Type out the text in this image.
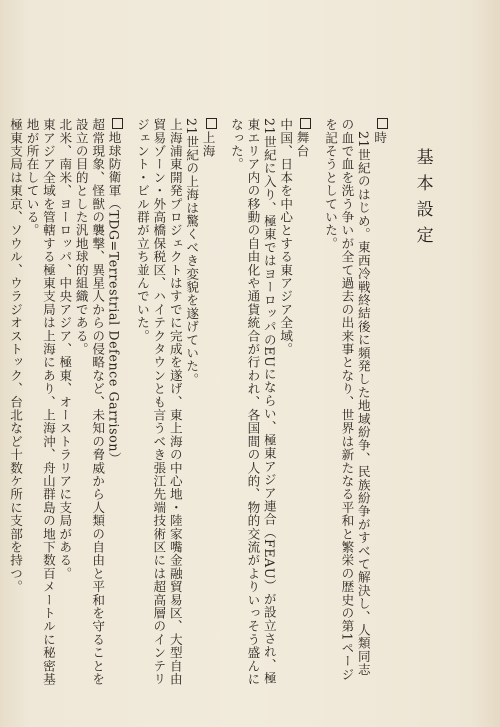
基本設定
時
21世紀のはじめ。東西冷戦終結後に頻発した地域紛争、民族紛争がすべて解決し、人類同志の血で血を洗う争いが全て過去の出来事となり、世界は新たなる平和と繁栄の歴史の第1ページを記そうとしていた。
舞台
中国、日本を中心とする東アジア全域。
21世紀に入り、極東ではヨーロッパのEUにならい、極東アジア連合（FEAU）が設立され、極東エリア内の移動の自由化や通貨統合が行われ、各国間の人的、物的交流がよりいっそう盛んになった。
上海
21世紀の上海は驚くべき変貌を遂げていた。
上海浦東開発プロジェクトはすでに完成を遂げ、東上海の中心地・陸家嘴金融貿易区、大型自由貿易ゾーン・外高橋保税区、ハイテクタウンとも言うべき張江先端技術区には超高層のインテリジェント・ビル群が立ち並んでいた。
地球防衛軍（TDG=Terrestrial Defence Garrison）
超常現象、怪獣の襲撃、異星人からの侵略など、未知の脅威から人類の自由と平和を守ることを設立の目的とした汎地球的組織である。
北米、南米、ヨーロッパ、中央アジア、極東、オーストラリアに支局がある。
東アジア全域を管轄する極東支局は上海にあり、上海沖、舟山群島の地下数百メートルに秘密基地が所在している。
極東支局は東京、ソウル、ウラジオストック、台北など十数ケ所に支部を持つ。
